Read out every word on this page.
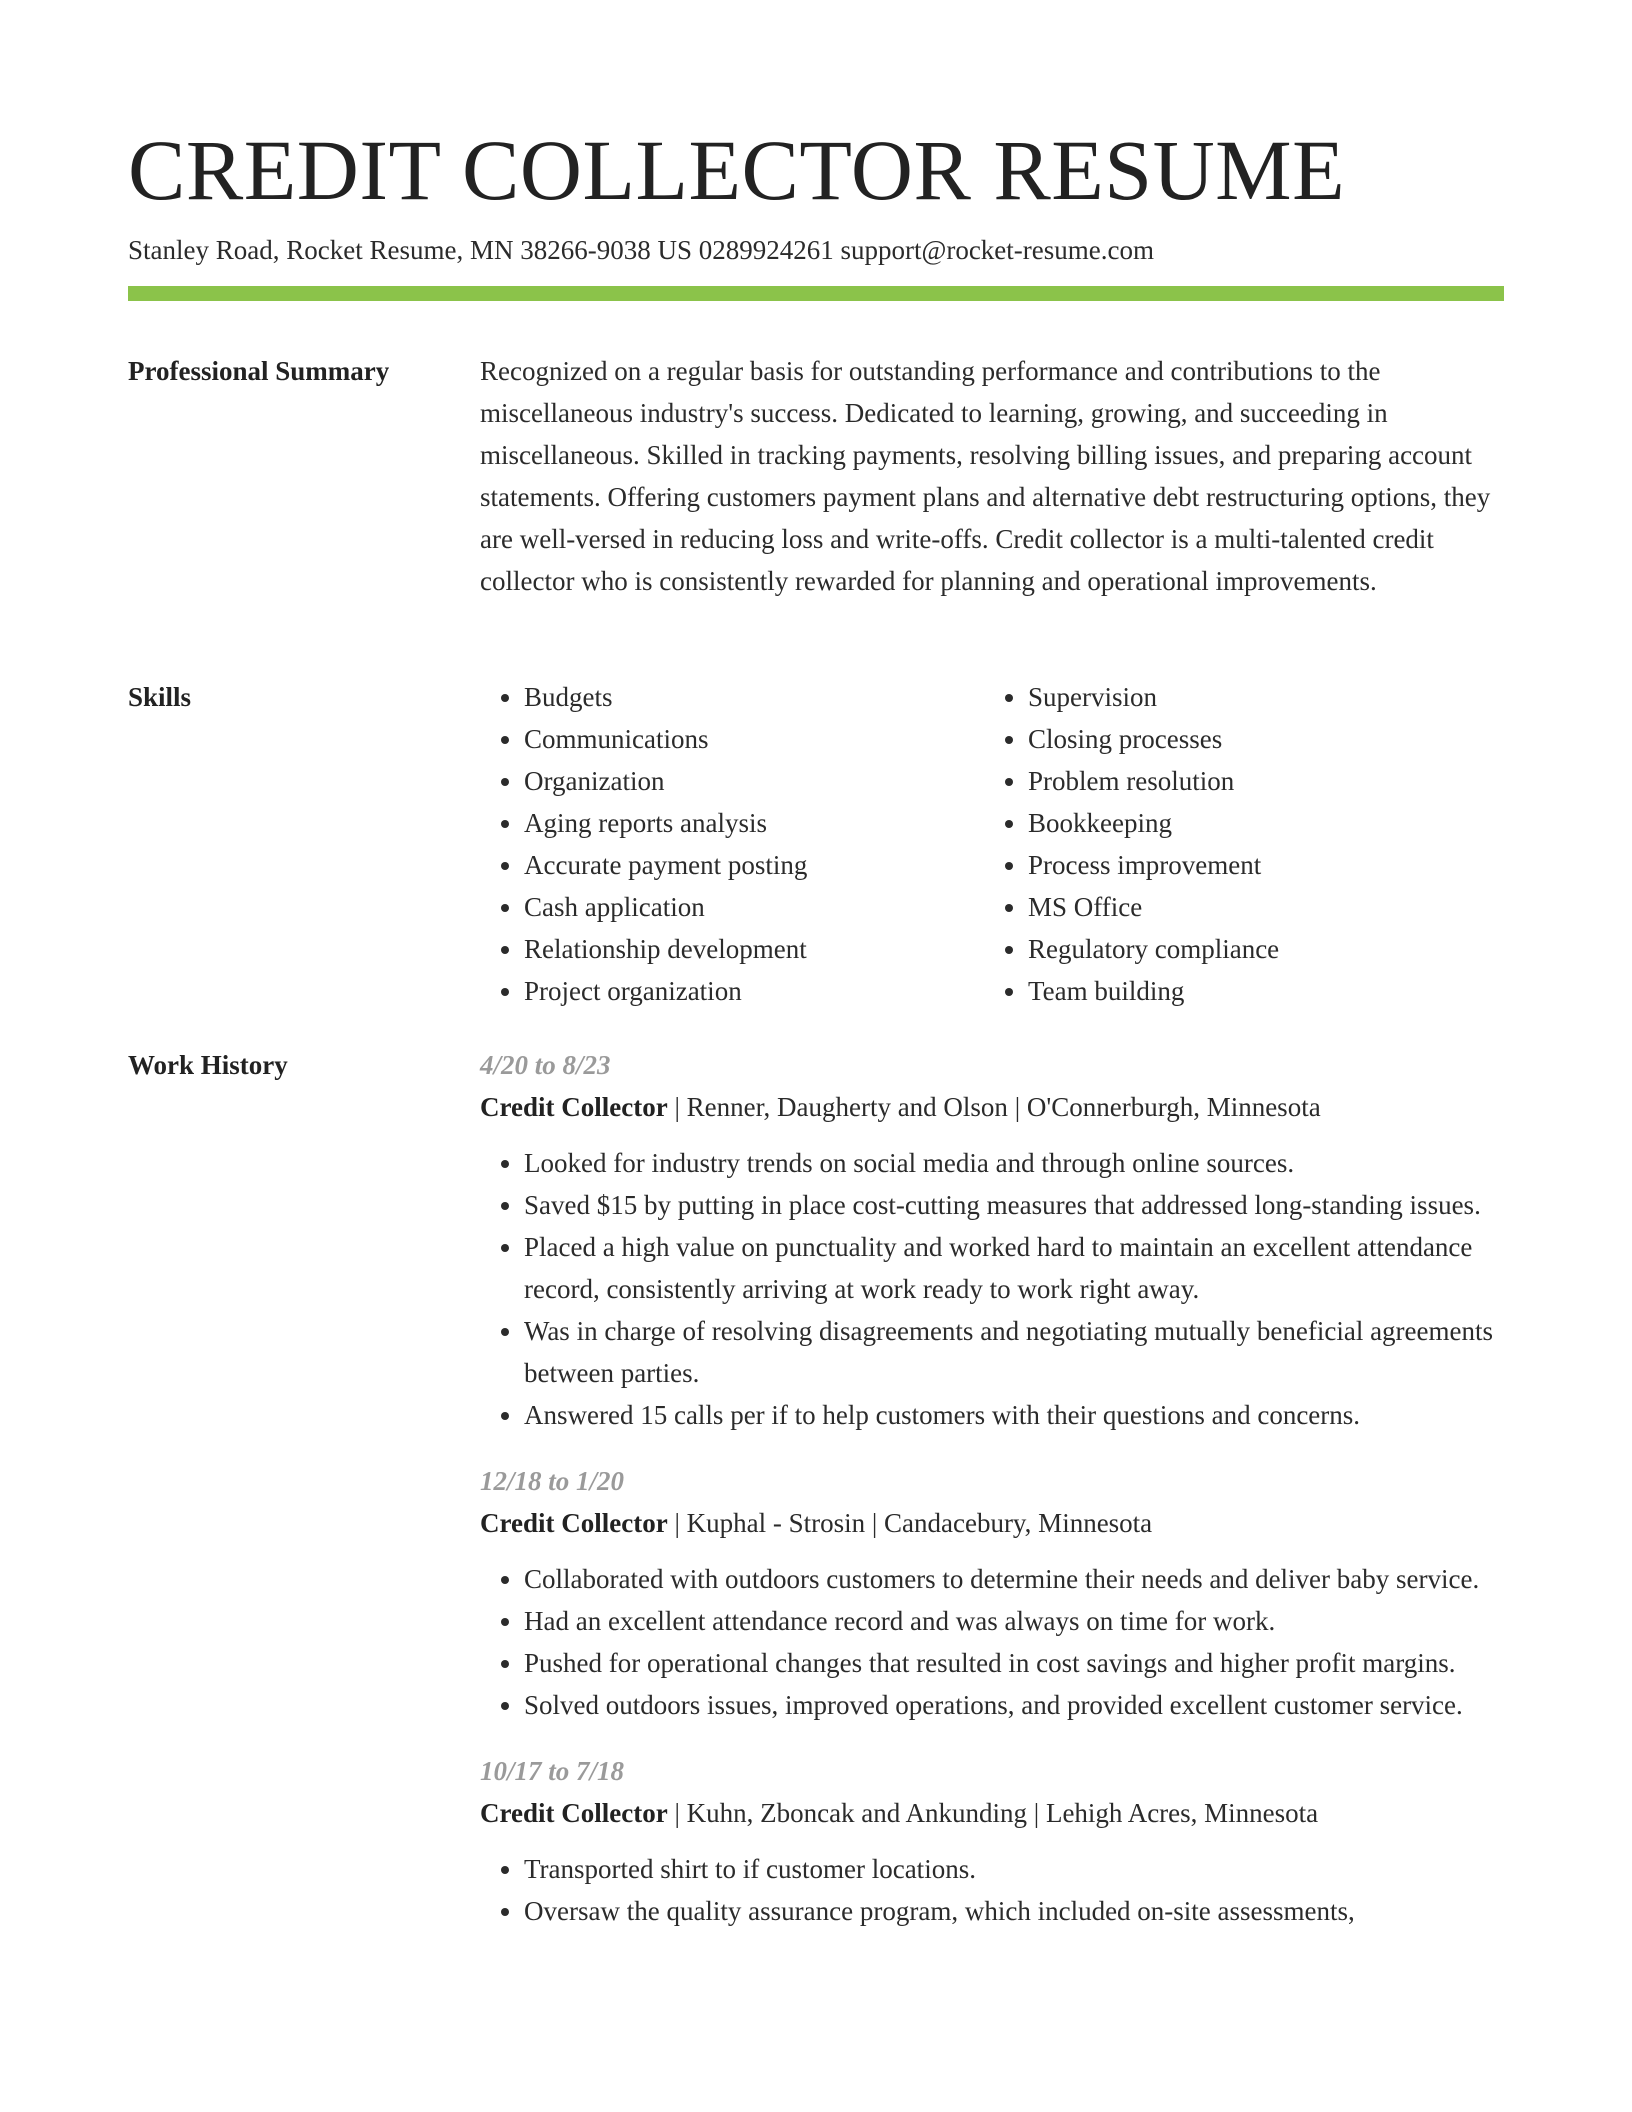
CREDIT COLLECTOR RESUME
Stanley Road, Rocket Resume, MN 38266-9038 US 0289924261 support@rocket-resume.com
Professional Summary	Recognized on a regular basis for outstanding performance and contributions to the miscellaneous industry's success. Dedicated to learning, growing, and succeeding in miscellaneous. Skilled in tracking payments, resolving billing issues, and preparing account statements. Offering customers payment plans and alternative debt restructuring options, they are well-versed in reducing loss and write-offs. Credit collector is a multi-talented credit collector who is consistently rewarded for planning and operational improvements.

Skills
•	Budgets
• Communications
• Organization
• Aging reports analysis
• Accurate payment posting
• Cash application
• Relationship development
• Project organization
• Supervision
• Closing processes
• Problem resolution
• Bookkeeping
• Process improvement
• MS Office
• Regulatory compliance
• Team building
Work History	4/20 to 8/23
Credit Collector | Renner, Daugherty and Olson | O'Connerburgh, Minnesota
• Looked for industry trends on social media and through online sources.
• Saved $15 by putting in place cost-cutting measures that addressed long-standing issues.
• Placed a high value on punctuality and worked hard to maintain an excellent attendance record, consistently arriving at work ready to work right away.
• Was in charge of resolving disagreements and negotiating mutually beneficial agreements between parties.
• Answered 15 calls per if to help customers with their questions and concerns.
12/18 to 1/20
Credit Collector | Kuphal - Strosin | Candacebury, Minnesota
• Collaborated with outdoors customers to determine their needs and deliver baby service.
• Had an excellent attendance record and was always on time for work.
• Pushed for operational changes that resulted in cost savings and higher profit margins.
• Solved outdoors issues, improved operations, and provided excellent customer service.
10/17 to 7/18
Credit Collector | Kuhn, Zboncak and Ankunding | Lehigh Acres, Minnesota
• Transported shirt to if customer locations.
• Oversaw the quality assurance program, which included on-site assessments,
